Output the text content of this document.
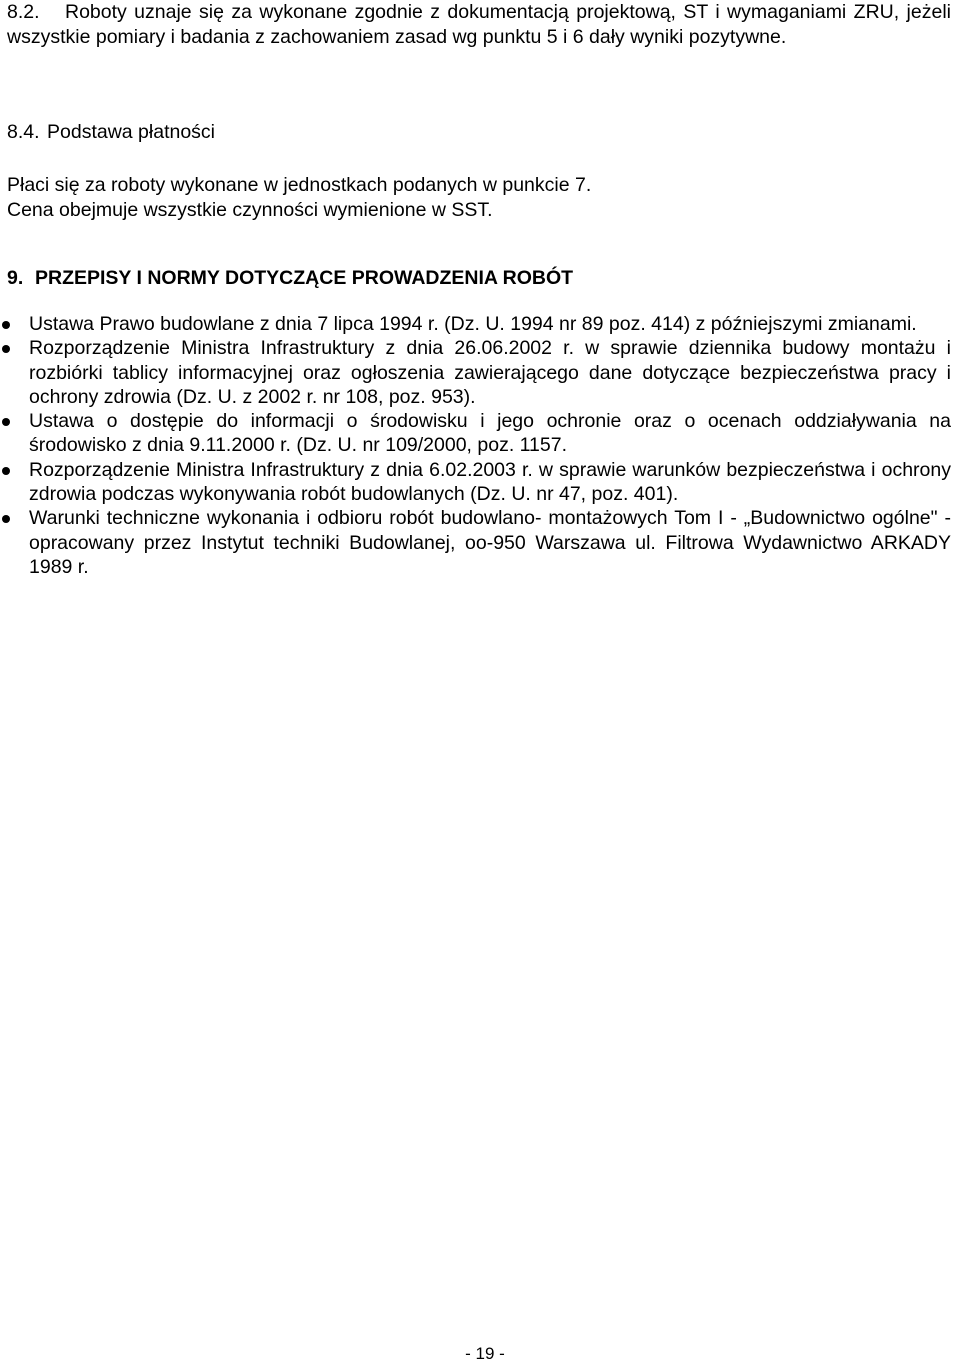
8.2. Roboty uznaje się za wykonane zgodnie z dokumentacją projektową, ST i wymaganiami ZRU, jeżeli wszystkie pomiary i badania z zachowaniem zasad wg punktu 5 i 6 dały wyniki pozytywne.
8.4. Podstawa płatności
Płaci się za roboty wykonane w jednostkach podanych w punkcie 7.
Cena obejmuje wszystkie czynności wymienione w SST.
9. PRZEPISY I NORMY DOTYCZĄCE PROWADZENIA ROBÓT
Ustawa Prawo budowlane z dnia 7 lipca 1994 r. (Dz. U. 1994 nr 89 poz. 414) z późniejszymi zmianami.
Rozporządzenie Ministra Infrastruktury z dnia 26.06.2002 r. w sprawie dziennika budowy montażu i rozbiórki tablicy informacyjnej oraz ogłoszenia zawierającego dane dotyczące bezpieczeństwa pracy i ochrony zdrowia (Dz. U. z 2002 r. nr 108, poz. 953).
Ustawa o dostępie do informacji o środowisku i jego ochronie oraz o ocenach oddziaływania na środowisko z dnia 9.11.2000 r. (Dz. U. nr 109/2000, poz. 1157.
Rozporządzenie Ministra Infrastruktury z dnia 6.02.2003 r. w sprawie warunków bezpieczeństwa i ochrony zdrowia podczas wykonywania robót budowlanych (Dz. U. nr 47, poz. 401).
Warunki techniczne wykonania i odbioru robót budowlano- montażowych Tom I - „Budownictwo ogólne" - opracowany przez Instytut techniki Budowlanej, oo-950 Warszawa ul. Filtrowa Wydawnictwo ARKADY 1989 r.
- 19 -
